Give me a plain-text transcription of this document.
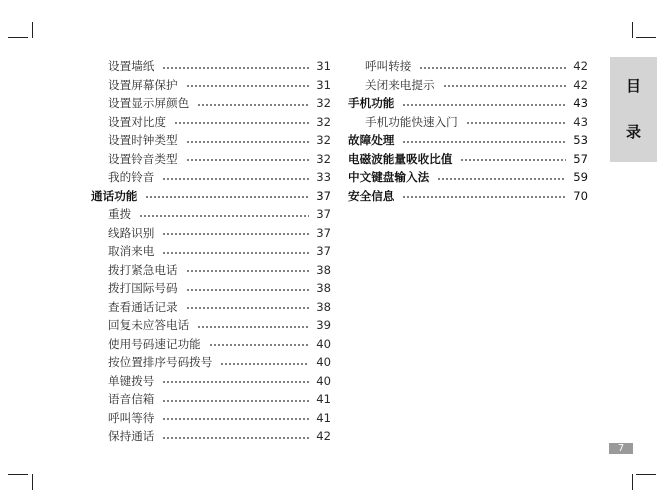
设置墙纸	31
设置屏幕保护	31
设置显示屏颜色	32
设置对比度	32
设置时钟类型	32
设置铃音类型	32
我的铃音	33
通话功能	37
重拨	37
线路识别	37
取消来电	37
拨打紧急电话	38
拨打国际号码	38
查看通话记录	38
回复未应答电话	39
使用号码速记功能	40
按位置排序号码拨号	40
单键拨号	40
语音信箱	41
呼叫等待	41
保持通话	42
呼叫转接	42
关闭来电提示	42
手机功能	43
手机功能快速入门	43
故障处理	53
电磁波能量吸收比值	57
中文键盘输入法	59
安全信息	70
目
录
7
